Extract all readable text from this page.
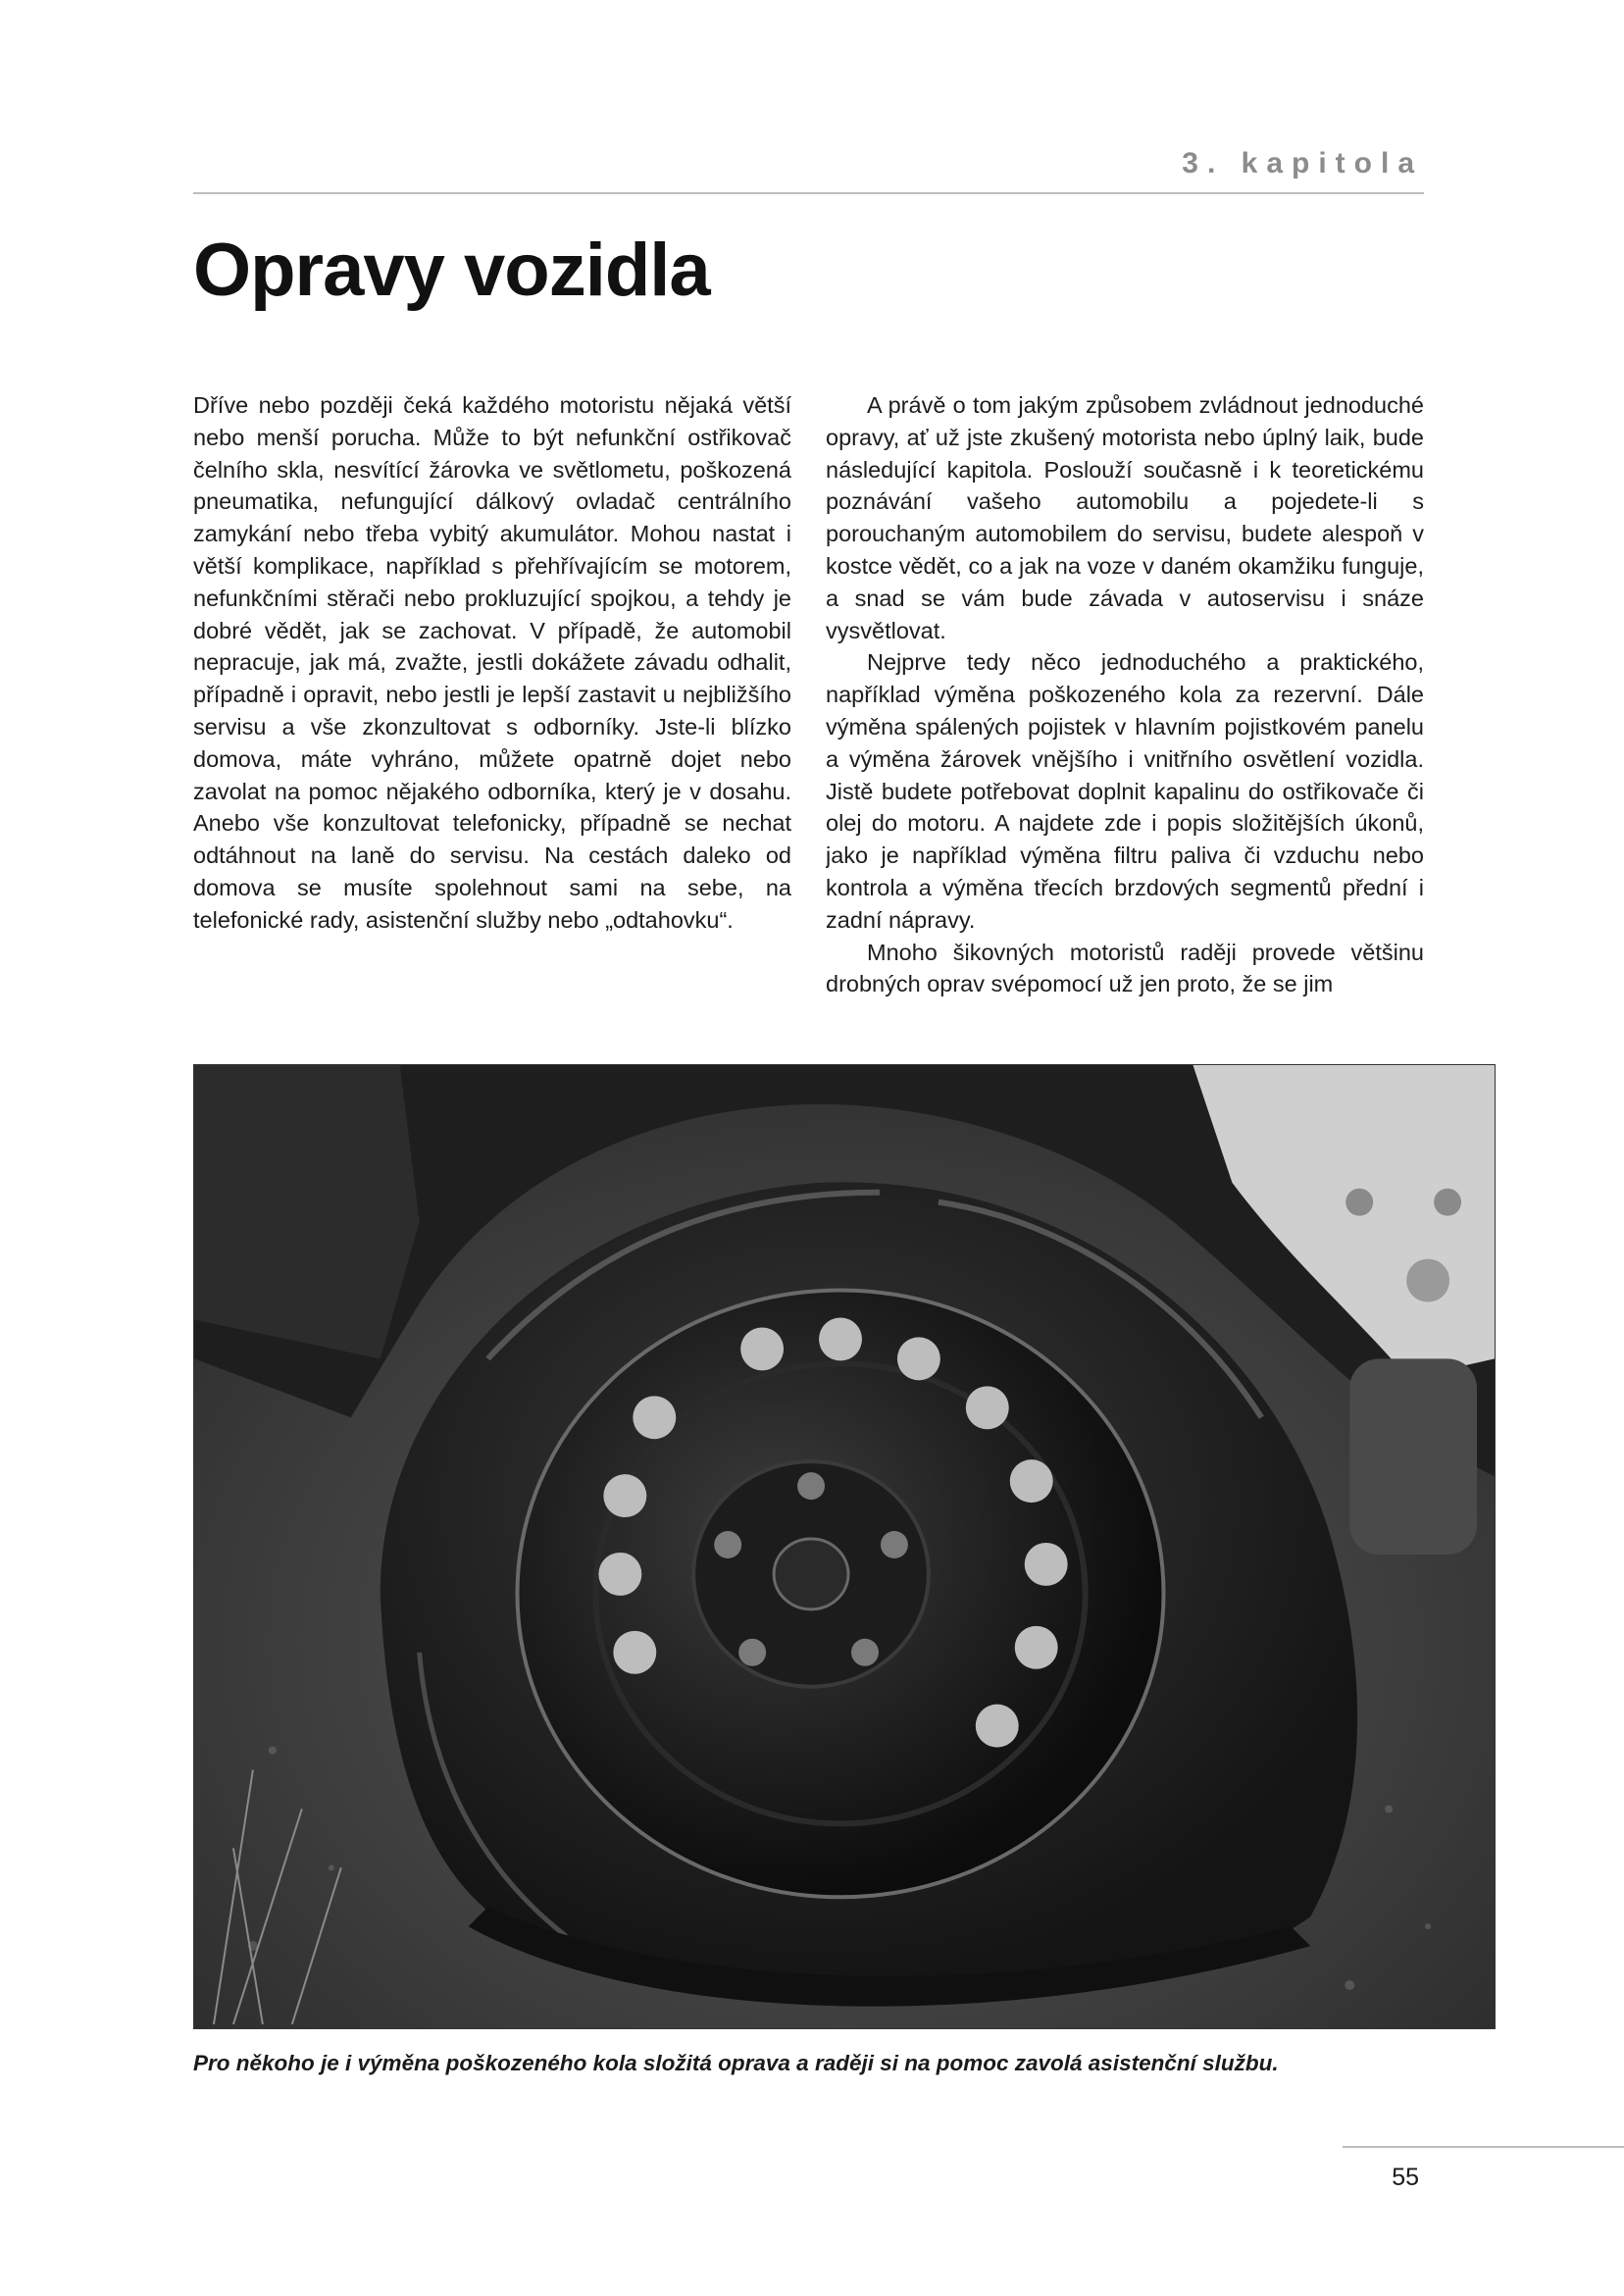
3. kapitola
Opravy vozidla

Dříve nebo později čeká každého motoristu nějaká větší nebo menší porucha. Může to být nefunkční ostřikovač čelního skla, nesvítící žárovka ve světlometu, poškozená pneumatika, nefungující dálkový ovladač centrálního zamykání nebo třeba vybitý akumulátor. Mohou nastat i větší komplikace, například s přehřívajícím se motorem, nefunkčními stěrači nebo prokluzující spojkou, a tehdy je dobré vědět, jak se zachovat. V případě, že automobil nepracuje, jak má, zvažte, jestli dokážete závadu odhalit, případně i opravit, nebo jestli je lepší zastavit u nejbližšího servisu a vše zkonzultovat s odborníky. Jste-li blízko domova, máte vyhráno, můžete opatrně dojet nebo zavolat na pomoc nějakého odborníka, který je v dosahu. Anebo vše konzultovat telefonicky, případně se nechat odtáhnout na laně do servisu. Na cestách daleko od domova se musíte spolehnout sami na sebe, na telefonické rady, asistenční služby nebo „odtahovku“.

A právě o tom jakým způsobem zvládnout jednoduché opravy, ať už jste zkušený motorista nebo úplný laik, bude následující kapitola. Poslouží současně i k teoretickému poznávání vašeho automobilu a pojedete-li s porouchaným automobilem do servisu, budete alespoň v kostce vědět, co a jak na voze v daném okamžiku funguje, a snad se vám bude závada v autoservisu i snáze vysvětlovat.

Nejprve tedy něco jednoduchého a praktického, například výměna poškozeného kola za rezervní. Dále výměna spálených pojistek v hlavním pojistkovém panelu a výměna žárovek vnějšího i vnitřního osvětlení vozidla. Jistě budete potřebovat doplnit kapalinu do ostřikovače či olej do motoru. A najdete zde i popis složitějších úkonů, jako je například výměna filtru paliva či vzduchu nebo kontrola a výměna třecích brzdových segmentů přední i zadní nápravy.

Mnoho šikovných motoristů raději provede většinu drobných oprav svépomocí už jen proto, že se jim

Pro někoho je i výměna poškozeného kola složitá oprava a raději si na pomoc zavolá asistenční službu.

55
